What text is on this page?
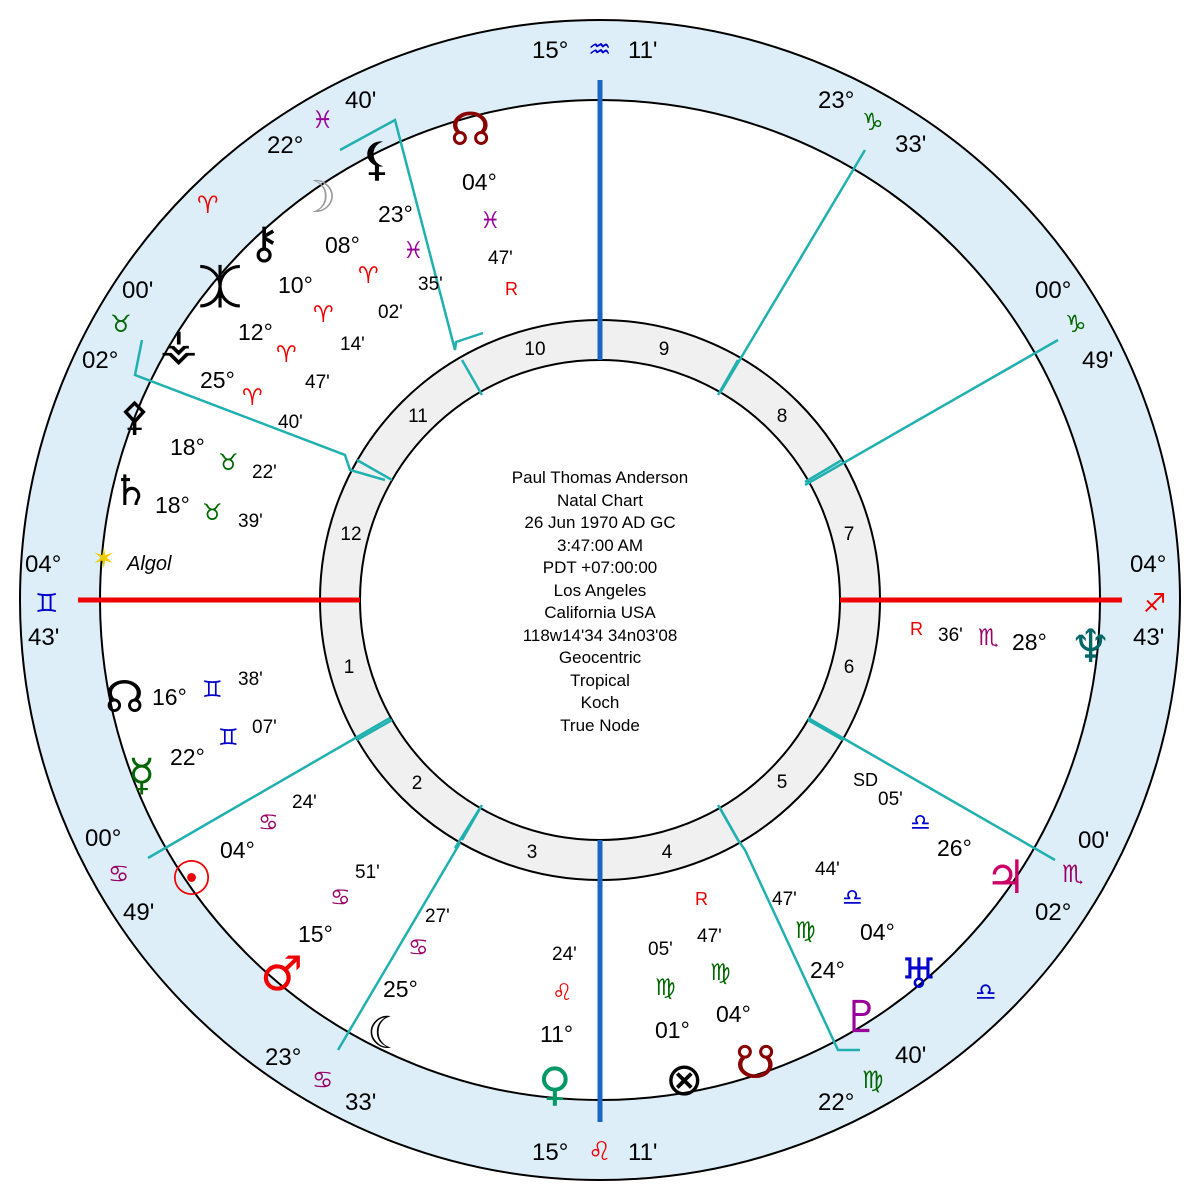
1
2
3	4
5
6
7
8
9
10
11
12
Paul Thomas Anderson
Natal Chart
26 Jun 1970 AD GC
3:47:00 AM
PDT +07:00:00
Los Angeles
California USA
118w14'34 34n03'08
Geocentric
Tropical
Koch
True Node
15° ♒ 11'
15° ♌ 11'
04°
♊
43'
04°
♐
43'
00'
♉
02°
22°
♓
40'	23°
♑
33'
00°
♑
49'
00°
♋
49'
23°
♋
33'	22°
♍
40'
00'
♏
02°
♈
♎
⚸
23°
♓
35'
☊
04°
♓
47'
R
☽
08°
♈
02'
⚷
10°
♈
14'
⯰
12°
♈
47'
⚶
25°
♈
40'
⚴
18°
♉ 22'
♄ 18° ♉ 39'
✶ Algol
☊ 16° ♊ 38'
☿ 22°
♊ 07'
☉
04°
♋
24'
♂
15°
♋
51'
☾
25°
♋
27'
♀
11°
♌
24'
⊗
01°
♍
05'
☋
04°
♍
47'
R
♇
24°
♍
47'
♅
04°
♎
44'	♃
26°
♎
05'
SD
♆
28°
♏
36'
R
